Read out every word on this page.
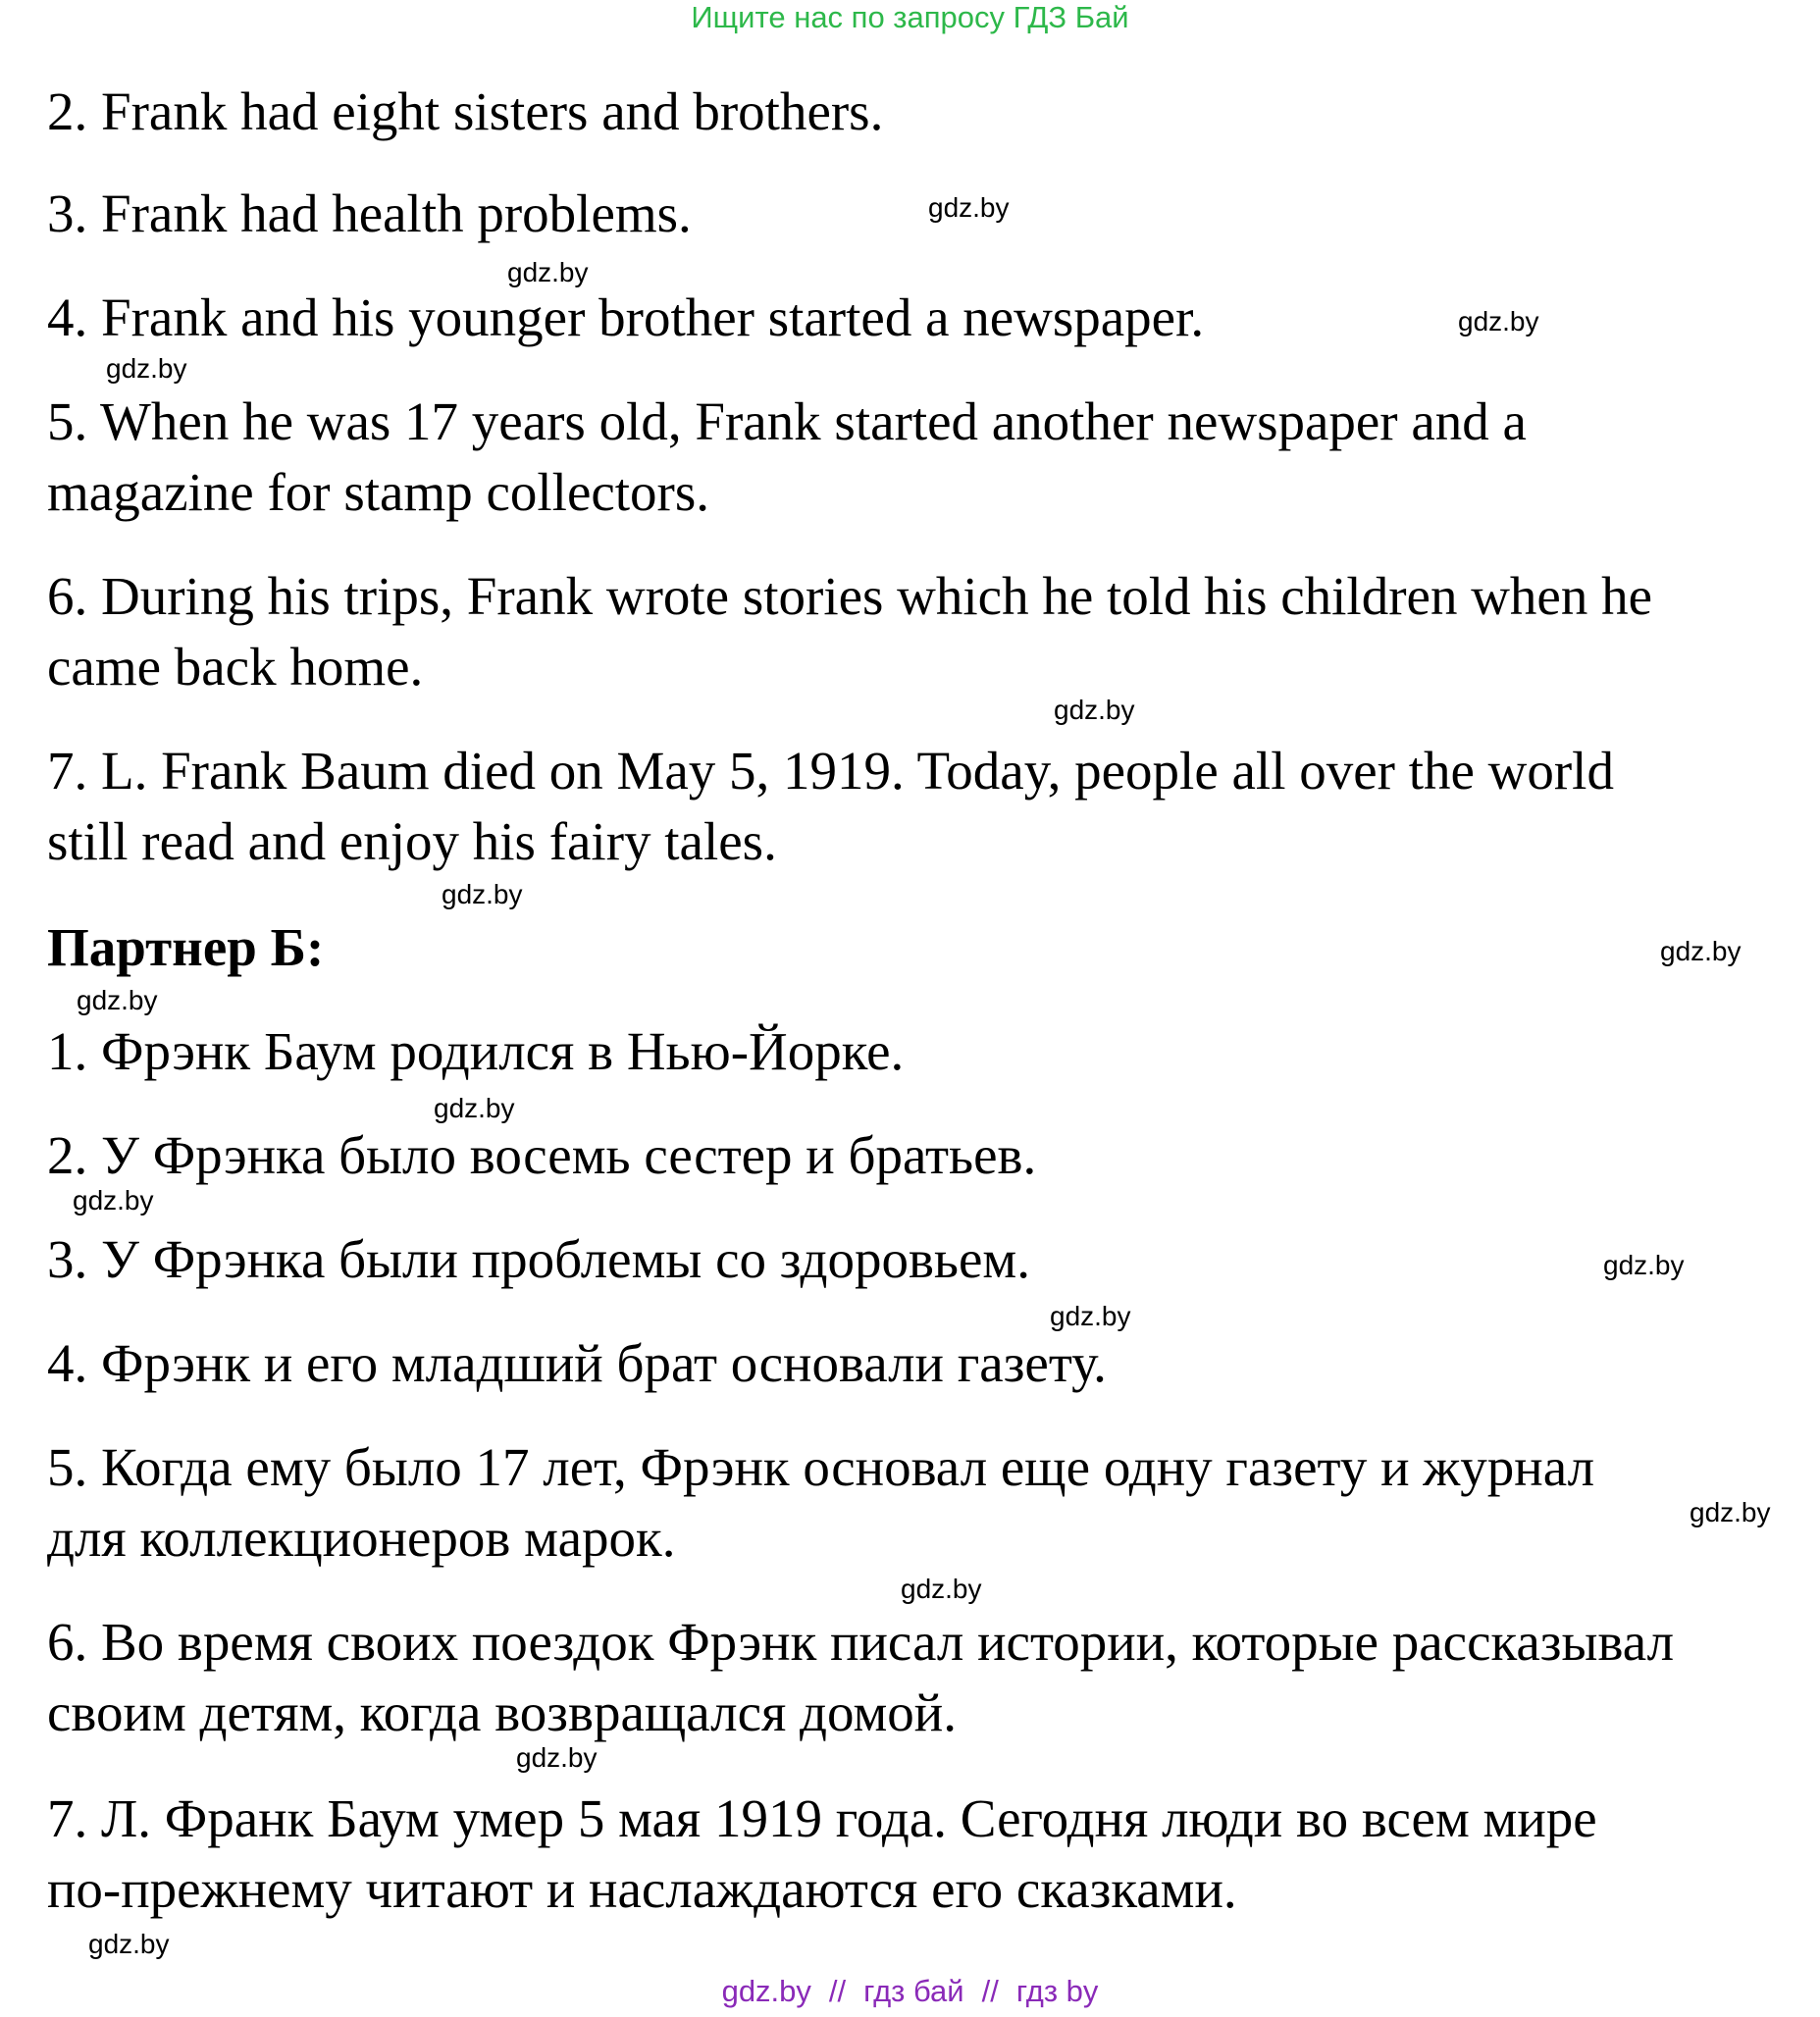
Ищите нас по запросу ГДЗ Бай
2. Frank had eight sisters and brothers.
3. Frank had health problems.
4. Frank and his younger brother started a newspaper.
5. When he was 17 years old, Frank started another newspaper and a
magazine for stamp collectors.
6. During his trips, Frank wrote stories which he told his children when he
came back home.
7. L. Frank Baum died on May 5, 1919. Today, people all over the world
still read and enjoy his fairy tales.
Партнер Б:
1. Фрэнк Баум родился в Нью-Йорке.
2. У Фрэнка было восемь сестер и братьев.
3. У Фрэнка были проблемы со здоровьем.
4. Фрэнк и его младший брат основали газету.
5. Когда ему было 17 лет, Фрэнк основал еще одну газету и журнал
для коллекционеров марок.
6. Во время своих поездок Фрэнк писал истории, которые рассказывал
своим детям, когда возвращался домой.
7. Л. Франк Баум умер 5 мая 1919 года. Сегодня люди во всем мире
по-прежнему читают и наслаждаются его сказками.
gdz.by
gdz.by
gdz.by
gdz.by
gdz.by
gdz.by
gdz.by
gdz.by
gdz.by
gdz.by
gdz.by
gdz.by
gdz.by
gdz.by
gdz.by
gdz.by
gdz.by // гдз бай // гдз by
